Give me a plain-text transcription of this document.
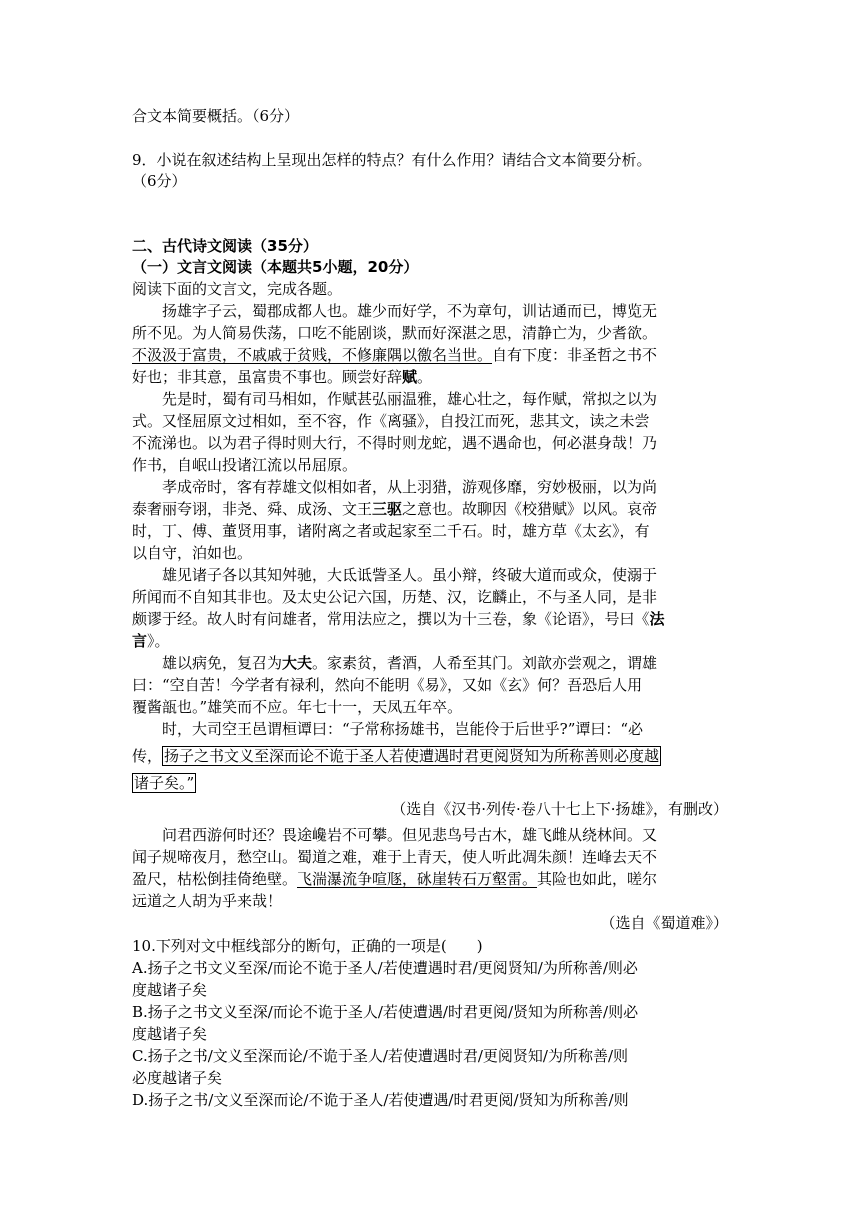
合文本简要概括。（6分）
9．小说在叙述结构上呈现出怎样的特点？有什么作用？请结合文本简要分析。
（6分）
二、古代诗文阅读（35分）
（一）文言文阅读（本题共5小题，20分）
阅读下面的文言文，完成各题。
扬雄字子云，蜀郡成都人也。雄少而好学，不为章句，训诂通而已，博览无
所不见。为人简易佚荡，口吃不能剧谈，默而好深湛之思，清静亡为，少耆欲。
不汲汲于富贵，不戚戚于贫贱，不修廉隅以徼名当世。自有下度：非圣哲之书不
好也；非其意，虽富贵不事也。顾尝好辞赋。
先是时，蜀有司马相如，作赋甚弘丽温雅，雄心壮之，每作赋，常拟之以为
式。又怪屈原文过相如，至不容，作《离骚》，自投江而死，悲其文，读之未尝
不流涕也。以为君子得时则大行，不得时则龙蛇，遇不遇命也，何必湛身哉！乃
作书，自岷山投诸江流以吊屈原。
孝成帝时，客有荐雄文似相如者，从上羽猎，游观侈靡，穷妙极丽，以为尚
泰奢丽夸诩，非尧、舜、成汤、文王三驱之意也。故聊因《校猎赋》以风。哀帝
时，丁、傅、董贤用事，诸附离之者或起家至二千石。时，雄方草《太玄》，有
以自守，泊如也。
雄见诸子各以其知舛驰，大氐诋訾圣人。虽小辩，终破大道而或众，使溺于
所闻而不自知其非也。及太史公记六国，历楚、汉，讫麟止，不与圣人同，是非
颇谬于经。故人时有问雄者，常用法应之，撰以为十三卷，象《论语》，号曰《法
言》。
雄以病免，复召为大夫。家素贫，耆酒，人希至其门。刘歆亦尝观之，谓雄
曰：“空自苦！今学者有禄利，然向不能明《易》，又如《玄》何？吾恐后人用
覆酱瓿也。”雄笑而不应。年七十一，天凤五年卒。
时，大司空王邑谓桓谭曰：“子常称扬雄书，岂能伶于后世乎?”谭曰：“必
传， 扬子之书文义至深而论不诡于圣人若使遭遇时君更阅贤知为所称善则必度越
诸子矣。”
（选自《汉书·列传·卷八十七上下·扬雄》，有删改）
问君西游何时还？畏途巉岩不可攀。但见悲鸟号古木，雄飞雌从绕林间。又
闻子规啼夜月，愁空山。蜀道之难，难于上青天，使人听此凋朱颜！连峰去天不
盈尺，枯松倒挂倚绝壁。飞湍瀑流争喧豗，砯崖转石万壑雷。其险也如此，嗟尔
远道之人胡为乎来哉！
（选自《蜀道难》）
10.下列对文中框线部分的断句，正确的一项是(　　)
A.扬子之书文义至深/而论不诡于圣人/若使遭遇时君/更阅贤知/为所称善/则必
度越诸子矣
B.扬子之书文义至深/而论不诡于圣人/若使遭遇/时君更阅/贤知为所称善/则必
度越诸子矣
C.扬子之书/文义至深而论/不诡于圣人/若使遭遇时君/更阅贤知/为所称善/则
必度越诸子矣
D.扬子之书/文义至深而论/不诡于圣人/若使遭遇/时君更阅/贤知为所称善/则
